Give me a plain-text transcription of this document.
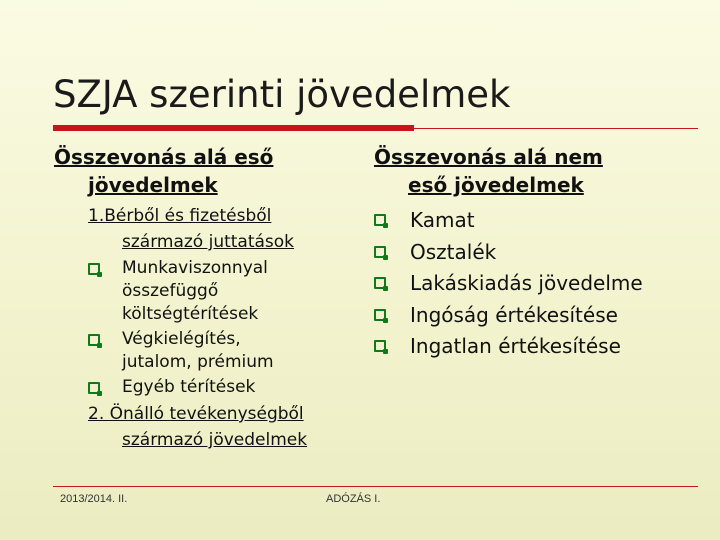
SZJA szerinti jövedelmek
Összevonás alá eső
jövedelmek
1.Bérből és fizetésből
származó juttatások
Munkaviszonnyal
összefüggő
költségtérítések
Végkielégítés,
jutalom, prémium
Egyéb térítések
2. Önálló tevékenységből
származó jövedelmek
Összevonás alá nem
eső jövedelmek
Kamat
Osztalék
Lakáskiadás jövedelme
Ingóság értékesítése
Ingatlan értékesítése
2013/2014. II.	ADÓZÁS I.
